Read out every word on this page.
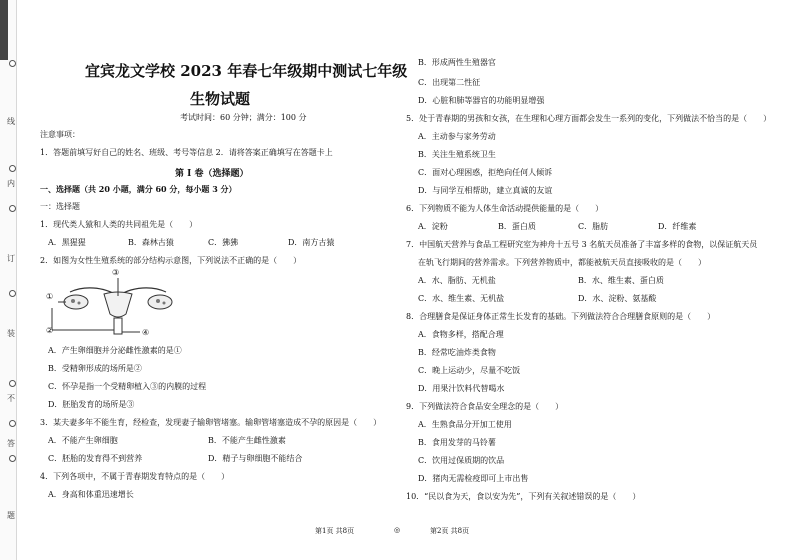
线
订
装
题
内
不
答
宜宾龙文学校 2023 年春七年级期中测试七年级
生物试题
考试时间：60 分钟；满分：100 分
注意事项：
1．答题前填写好自己的姓名、班级、考号等信息 2．请将答案正确填写在答题卡上
第 I 卷（选择题）
一、选择题（共 20 小题，满分 60 分，每小题 3 分）
一：选择题
1．现代类人猿和人类的共同祖先是（　　）
A．黑猩猩	B．森林古猿	C．狒狒	D．南方古猿
2．如图为女性生殖系统的部分结构示意图，下列说法不正确的是（　　）
③
①
②	④
A．产生卵细胞并分泌雌性激素的是①
B．受精卵形成的场所是②
C．怀孕是指一个受精卵植入③的内膜的过程
D．胚胎发育的场所是③
3．某夫妻多年不能生育，经检查，发现妻子输卵管堵塞。输卵管堵塞造成不孕的原因是（　　）
A．不能产生卵细胞	B．不能产生雌性激素
C．胚胎的发育得不到营养	D．精子与卵细胞不能结合
4．下列各项中，不属于青春期发育特点的是（　　）
A．身高和体重迅速增长
第1页 共8页	◎
B．形成两性生殖器官
C．出现第二性征
D．心脏和肺等器官的功能明显增强
5．处于青春期的男孩和女孩，在生理和心理方面都会发生一系列的变化，下列做法不恰当的是（　　）
A．主动参与家务劳动
B．关注生殖系统卫生
C．面对心理困惑，拒绝向任何人倾诉
D．与同学互相帮助，建立真诚的友谊
6．下列物质不能为人体生命活动提供能量的是（　　）
A．淀粉	B．蛋白质	C．脂肪	D．纤维素
7．中国航天营养与食品工程研究室为神舟十五号 3 名航天员准备了丰富多样的食物，以保证航天员
在轨飞行期间的营养需求。下列营养物质中，都能被航天员直接吸收的是（　　）
A．水、脂肪、无机盐	B．水、维生素、蛋白质
C．水、维生素、无机盐	D．水、淀粉、氨基酸
8．合理膳食是保证身体正常生长发育的基础。下列做法符合合理膳食原则的是（　　）
A．食物多样，搭配合理
B．经常吃油炸类食物
C．晚上运动少，尽量不吃饭
D．用果汁饮料代替喝水
9．下列做法符合食品安全理念的是（　　）
A．生熟食品分开加工使用
B．食用发芽的马铃薯
C．饮用过保质期的饮品
D．猪肉无需检疫即可上市出售
10．“民以食为天，食以安为先”，下列有关叙述错误的是（　　）
第2页 共8页
